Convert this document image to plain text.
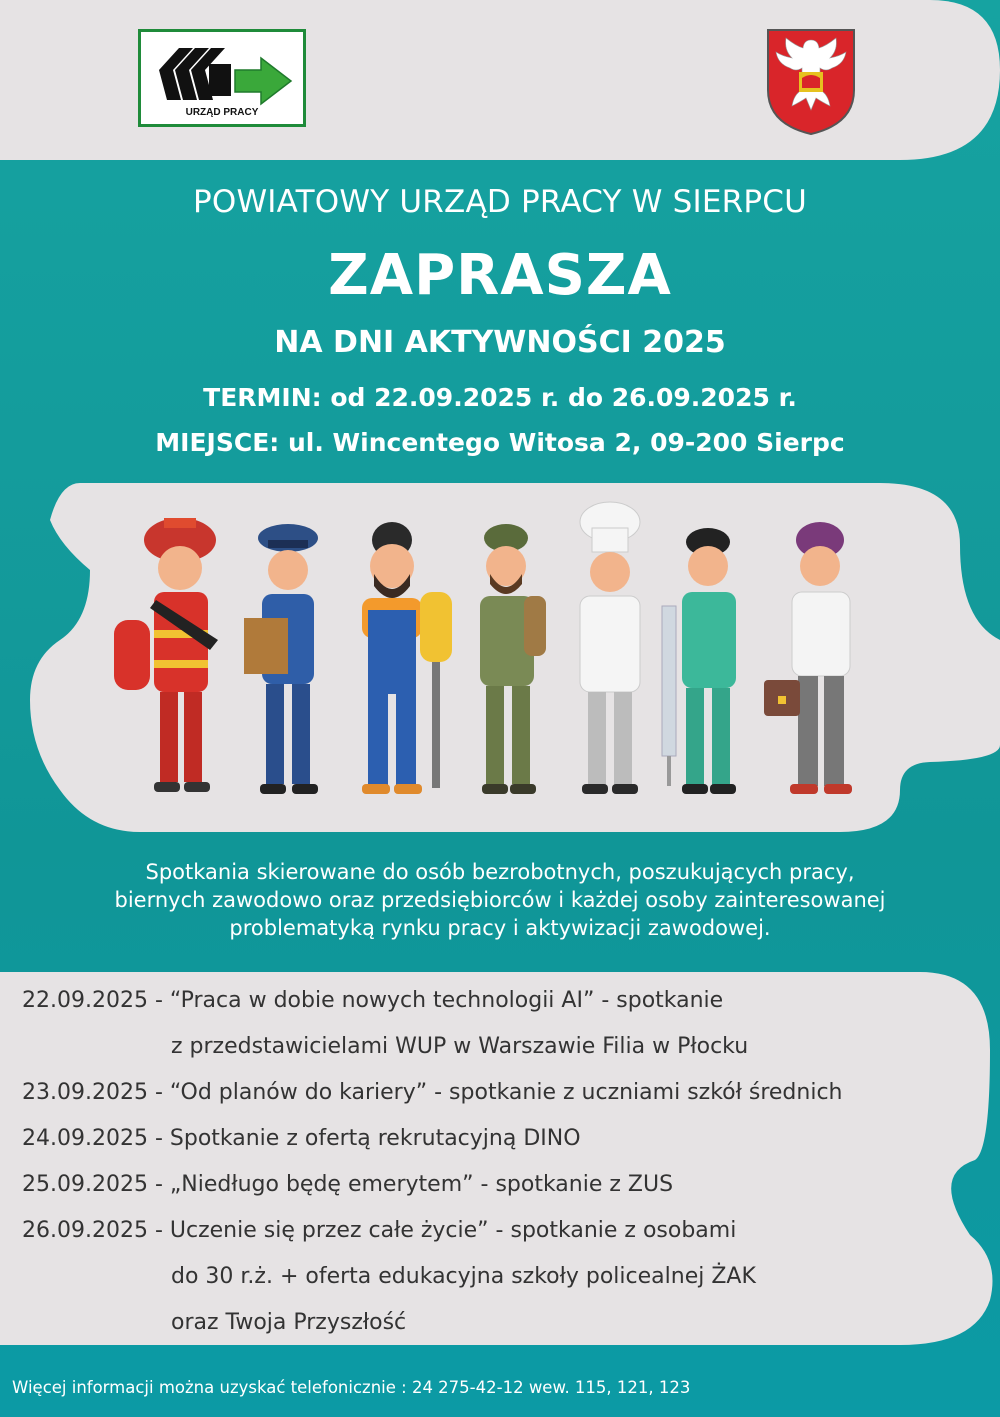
URZĄD PRACY
POWIATOWY URZĄD PRACY W SIERPCU
ZAPRASZA
NA DNI AKTYWNOŚCI 2025
TERMIN: od 22.09.2025 r. do 26.09.2025 r.
MIEJSCE: ul. Wincentego Witosa 2, 09-200 Sierpc
Spotkania skierowane do osób bezrobotnych, poszukujących pracy,
biernych zawodowo oraz przedsiębiorców i każdej osoby zainteresowanej
problematyką rynku pracy i aktywizacji zawodowej.
22.09.2025 - “Praca w dobie nowych technologii AI” - spotkanie
z przedstawicielami WUP w Warszawie Filia w Płocku
23.09.2025 - “Od planów do kariery” - spotkanie z uczniami szkół średnich
24.09.2025 - Spotkanie z ofertą rekrutacyjną DINO
25.09.2025 - „Niedługo będę emerytem” - spotkanie z ZUS
26.09.2025 - Uczenie się przez całe życie” - spotkanie z osobami
do 30 r.ż. + oferta edukacyjna szkoły policealnej ŻAK
oraz Twoja Przyszłość
Więcej informacji można uzyskać telefonicznie : 24 275-42-12 wew. 115, 121, 123
